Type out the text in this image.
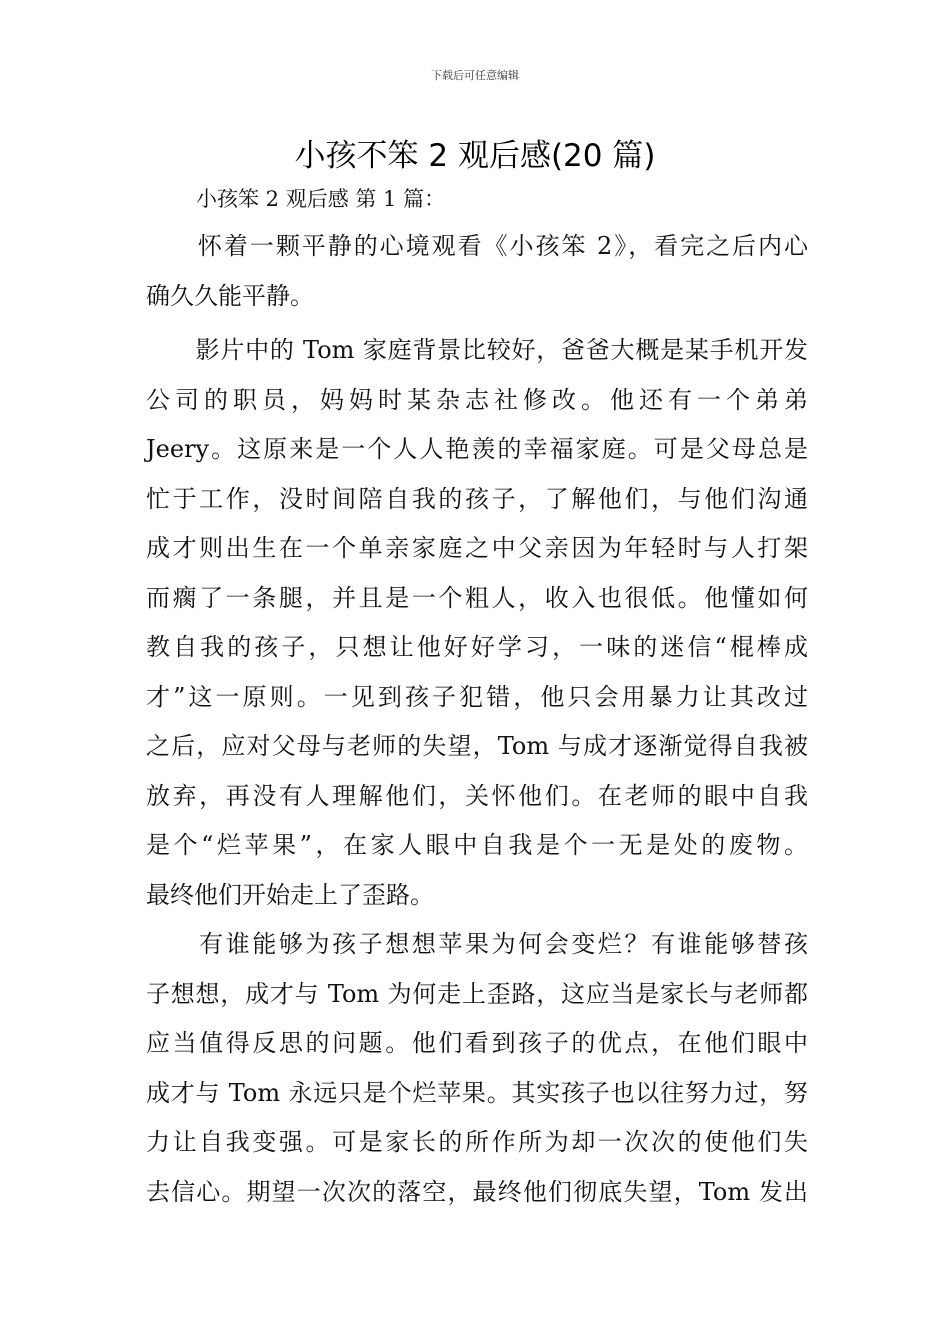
下载后可任意编辑
小孩不笨 2 观后感(20 篇)
小孩笨 2 观后感 第 1 篇：
　　怀着一颗平静的心境观看《小孩笨 2》，看完之后内心
确久久能平静。
　　影片中的 Tom 家庭背景比较好，爸爸大概是某手机开发
公司的职员，妈妈时某杂志社修改。他还有一个弟弟
Jeery。这原来是一个人人艳羡的幸福家庭。可是父母总是
忙于工作，没时间陪自我的孩子，了解他们，与他们沟通
成才则出生在一个单亲家庭之中父亲因为年轻时与人打架
而瘸了一条腿，并且是一个粗人，收入也很低。他懂如何
教自我的孩子，只想让他好好学习，一味的迷信“棍棒成
才”这一原则。一见到孩子犯错，他只会用暴力让其改过
之后，应对父母与老师的失望，Tom 与成才逐渐觉得自我被
放弃，再没有人理解他们，关怀他们。在老师的眼中自我
是个“烂苹果”，在家人眼中自我是个一无是处的废物。
最终他们开始走上了歪路。
　　有谁能够为孩子想想苹果为何会变烂？有谁能够替孩
子想想，成才与 Tom 为何走上歪路，这应当是家长与老师都
应当值得反思的问题。他们看到孩子的优点，在他们眼中
成才与 Tom 永远只是个烂苹果。其实孩子也以往努力过，努
力让自我变强。可是家长的所作所为却一次次的使他们失
去信心。期望一次次的落空，最终他们彻底失望，Tom 发出
